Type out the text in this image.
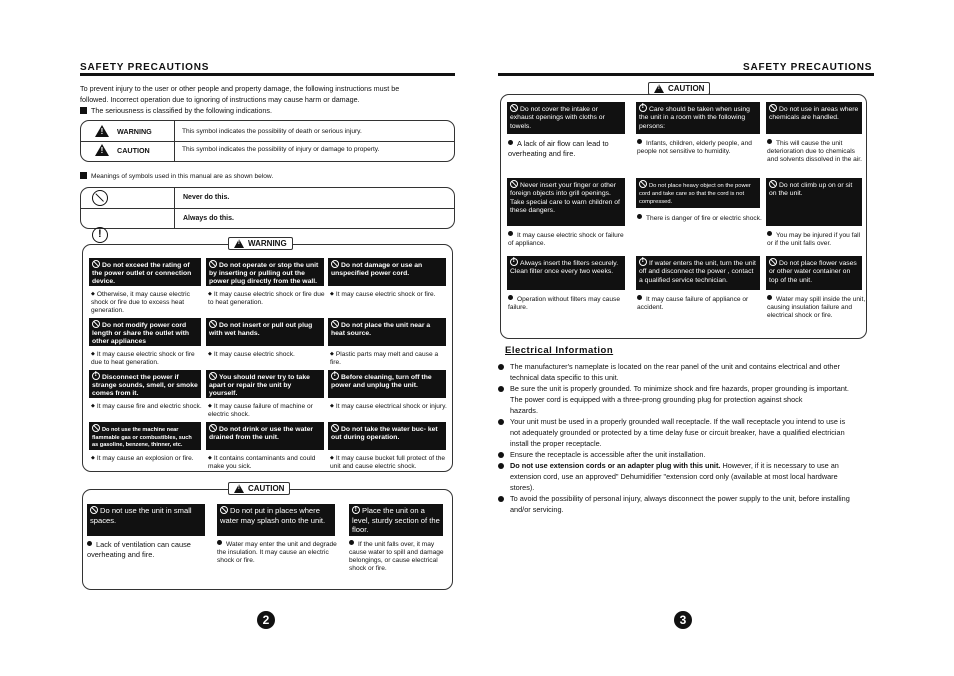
SAFETY PRECAUTIONS
To prevent injury to the user or other people and property damage, the following instructions must be
followed. Incorrect operation due to ignoring of instructions may cause harm or damage.
The seriousness is classified by the following indications.
!
WARNING	This symbol indicates the possibility of death or serious injury.
!
CAUTION	This symbol indicates the possibility of injury or damage to property.
Meanings of symbols used in this manual are as shown below.
!
Never do this.
Always do this.
!
WARNING
Do not exceed the rating of the power outlet or connection device.
◆ Otherwise, it may cause electric shock or fire due to excess heat generation.
Do not operate or stop the unit by inserting or pulling out the power plug directly from the wall.
◆ It may cause electric shock or fire due to heat generation.
Do not damage or use an unspecified power cord.
◆ It may cause electric shock or fire.
Do not modify power cord length or share the outlet with other appliances
◆ It may cause electric shock or fire due to heat generation.
Do not insert or pull out plug with wet hands.
◆ It may cause electric shock.
Do not place the unit near a heat source.
◆ Plastic parts may melt and cause a fire.
!Disconnect the power if strange sounds, smell, or smoke comes from it.
◆ It may cause fire and electric shock.
You should never try to take apart or repair the unit by yourself.
◆ It may cause failure of machine or electric shock.
!Before cleaning, turn off the power and unplug the unit.
◆ It may cause electrical shock or injury.
Do not use the machine near flammable gas or combustibles, such as gasoline, benzene, thinner, etc.
◆ It may cause an explosion or fire.
Do not drink or use the water drained from the unit.
◆ It contains contaminants and could make you sick.
Do not take the water buc- ket out during operation.
◆ It may cause bucket full protect of the unit and cause electric shock.
!
CAUTION
Do not use the unit in small spaces.
Lack of ventilation can cause overheating and fire.
Do not put in places where water may splash onto the unit.
Water may enter the unit and degrade the insulation. It may cause an electric shock or fire.
!Place the unit on a level, sturdy section of the floor.
If the unit falls over, it may cause water to spill and damage belongings, or cause electrical shock or fire.
2
SAFETY PRECAUTIONS
!
CAUTION
Do not cover the intake or exhaust openings with cloths or towels.
A lack of air flow can lead to overheating and fire.
!Care should be taken when using the unit in a room with the following persons:
Infants, children, elderly people, and people not sensitive to humidity.
Do not use in areas where chemicals are handled.
This will cause the unit deterioration due to chemicals and solvents dissolved in the air.
Never insert your finger or other foreign objects into grill openings. Take special care to warn children of these dangers.
It may cause electric shock or failure of appliance.
Do not place heavy object on the power cord and take care so that the cord is not compressed.
There is danger of fire or electric shock.
Do not climb up on or sit on the unit.
You may be injured if you fall or if the unit falls over.
!Always insert the filters securely. Clean filter once every two weeks.
Operation without filters may cause failure.
!If water enters the unit, turn the unit off and disconnect the power , contact a qualified service technician.
It may cause failure of appliance or accident.
Do not place flower vases or other water container on top of the unit.
Water may spill inside the unit, causing insulation failure and electrical shock or fire.
Electrical Information
The manufacturer's nameplate is located on the rear panel of the unit and contains electrical and other
technical data specific to this unit.
Be sure the unit is properly grounded. To minimize shock and fire hazards, proper grounding is important.
The power cord is equipped with a three-prong grounding plug for protection against shock
hazards.
Your unit must be used in a properly grounded wall receptacle. If the wall receptacle you intend to use is
not adequately grounded or protected by a time delay fuse or circuit breaker, have a qualified electrician
install the proper receptacle.
Ensure the receptacle is accessible after the unit installation.
Do not use extension cords or an adapter plug with this unit. However, if it is necessary to use an
extension cord, use an approved" Dehumidifier "extension cord only (available at most local hardware
stores).
To avoid the possibility of personal injury, always disconnect the power supply to the unit, before installing
and/or servicing.
3
